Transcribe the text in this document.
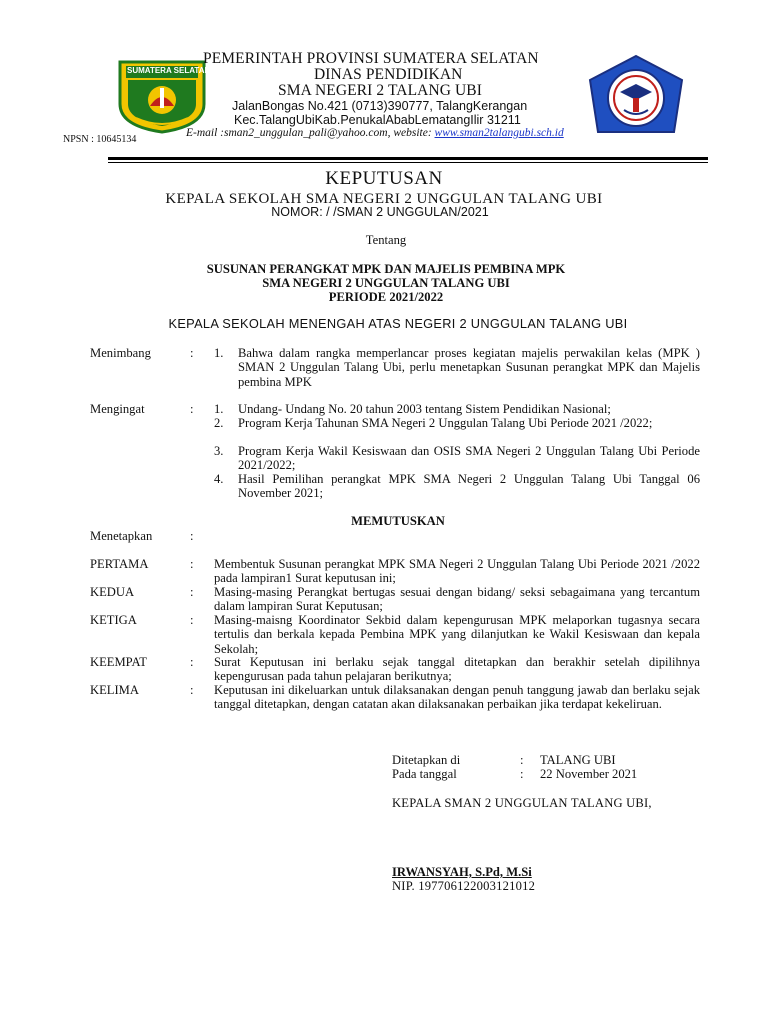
SUMATERA SELATAN
PEMERINTAH PROVINSI SUMATERA SELATAN
DINAS PENDIDIKAN
SMA NEGERI 2 TALANG UBI
JalanBongas No.421 (0713)390777, TalangKerangan
Kec.TalangUbiKab.PenukalAbabLematangIlir 31211
E-mail :sman2_unggulan_pali@yahoo.com, website: www.sman2talangubi.sch.id
NPSN : 10645134
KEPUTUSAN
KEPALA SEKOLAH SMA NEGERI 2 UNGGULAN TALANG UBI
NOMOR: / /SMAN 2 UNGGULAN/2021
Tentang
SUSUNAN PERANGKAT MPK DAN MAJELIS PEMBINA MPK
SMA NEGERI 2 UNGGULAN TALANG UBI
PERIODE 2021/2022
KEPALA SEKOLAH MENENGAH ATAS NEGERI 2 UNGGULAN TALANG UBI
Menimbang	: 1. Bahwa dalam rangka memperlancar proses kegiatan majelis perwakilan kelas (MPK ) SMAN 2 Unggulan Talang Ubi, perlu menetapkan Susunan perangkat MPK dan Majelis pembina MPK
Mengingat	: 1. Undang- Undang No. 20 tahun 2003 tentang Sistem Pendidikan Nasional;
2. Program Kerja Tahunan SMA Negeri 2 Unggulan Talang Ubi Periode 2021 /2022;
3. Program Kerja Wakil Kesiswaan dan OSIS SMA Negeri 2 Unggulan Talang Ubi Periode 2021/2022;
4. Hasil Pemilihan perangkat MPK SMA Negeri 2 Unggulan Talang Ubi Tanggal 06 November 2021;
MEMUTUSKAN
Menetapkan	:
PERTAMA	: Membentuk Susunan perangkat MPK SMA Negeri 2 Unggulan Talang Ubi Periode 2021 /2022 pada lampiran1 Surat keputusan ini;
KEDUA	: Masing-masing Perangkat bertugas sesuai dengan bidang/ seksi sebagaimana yang tercantum dalam lampiran Surat Keputusan;
KETIGA	: Masing-maisng Koordinator Sekbid dalam kepengurusan MPK melaporkan tugasnya secara tertulis dan berkala kepada Pembina MPK yang dilanjutkan ke Wakil Kesiswaan dan kepala Sekolah;
KEEMPAT	: Surat Keputusan ini berlaku sejak tanggal ditetapkan dan berakhir setelah dipilihnya kepengurusan pada tahun pelajaran berikutnya;
KELIMA	: Keputusan ini dikeluarkan untuk dilaksanakan dengan penuh tanggung jawab dan berlaku sejak tanggal ditetapkan, dengan catatan akan dilaksanakan perbaikan jika terdapat kekeliruan.
Ditetapkan di	: TALANG UBI
Pada tanggal	: 22 November 2021
KEPALA SMAN 2 UNGGULAN TALANG UBI,
IRWANSYAH, S.Pd, M.Si
NIP. 197706122003121012
